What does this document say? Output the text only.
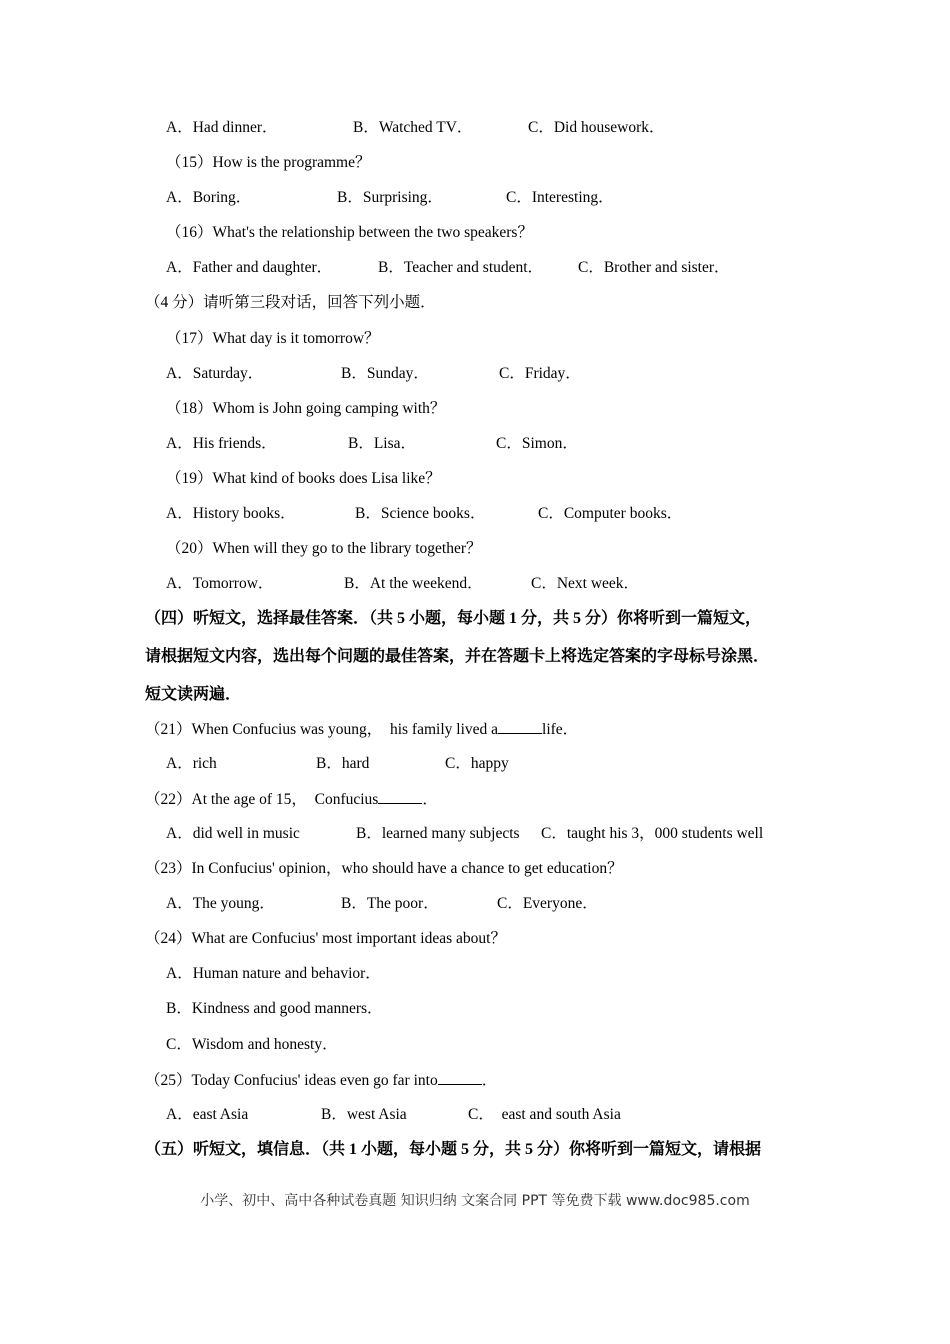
A．Had dinner．	B．Watched TV．	C．Did housework．
（15）How is the programme？
A．Boring．	B．Surprising．	C．Interesting．
（16）What's the relationship between the two speakers？
A．Father and daughter．	B．Teacher and student． C．Brother and sister．
（4 分）请听第三段对话，回答下列小题．
（17）What day is it tomorrow？
A．Saturday．	B．Sunday．	C．Friday．
（18）Whom is John going camping with？
A．His friends．	B．Lisa．	C．Simon．
（19）What kind of books does Lisa like？
A．History books．	B．Science books．	C．Computer books．
（20）When will they go to the library together？
A．Tomorrow．	B．At the weekend．	C．Next week．
（四）听短文，选择最佳答案．（共 5 小题，每小题 1 分，共 5 分）你将听到一篇短文，
请根据短文内容，选出每个问题的最佳答案，并在答题卡上将选定答案的字母标号涂黑．
短文读两遍．
（21）When Confucius was young，  his family lived a	life．
A．rich	B．hard	C．happy
（22）At the age of 15，  Confucius	．
A．did well in music	B．learned many subjects C．taught his 3，000 students well
（23）In Confucius' opinion，who should have a chance to get education？
A．The young．	B．The poor．	C．Everyone．
（24）What are Confucius' most important ideas about？
A．Human nature and behavior．
B．Kindness and good manners．
C．Wisdom and honesty．
（25）Today Confucius' ideas even go far into	．
A．east Asia	B．west Asia	C．  east and south Asia
（五）听短文，填信息．（共 1 小题，每小题 5 分，共 5 分）你将听到一篇短文，请根据
小学、初中、高中各种试卷真题 知识归纳 文案合同 PPT 等免费下载 www.doc985.com
